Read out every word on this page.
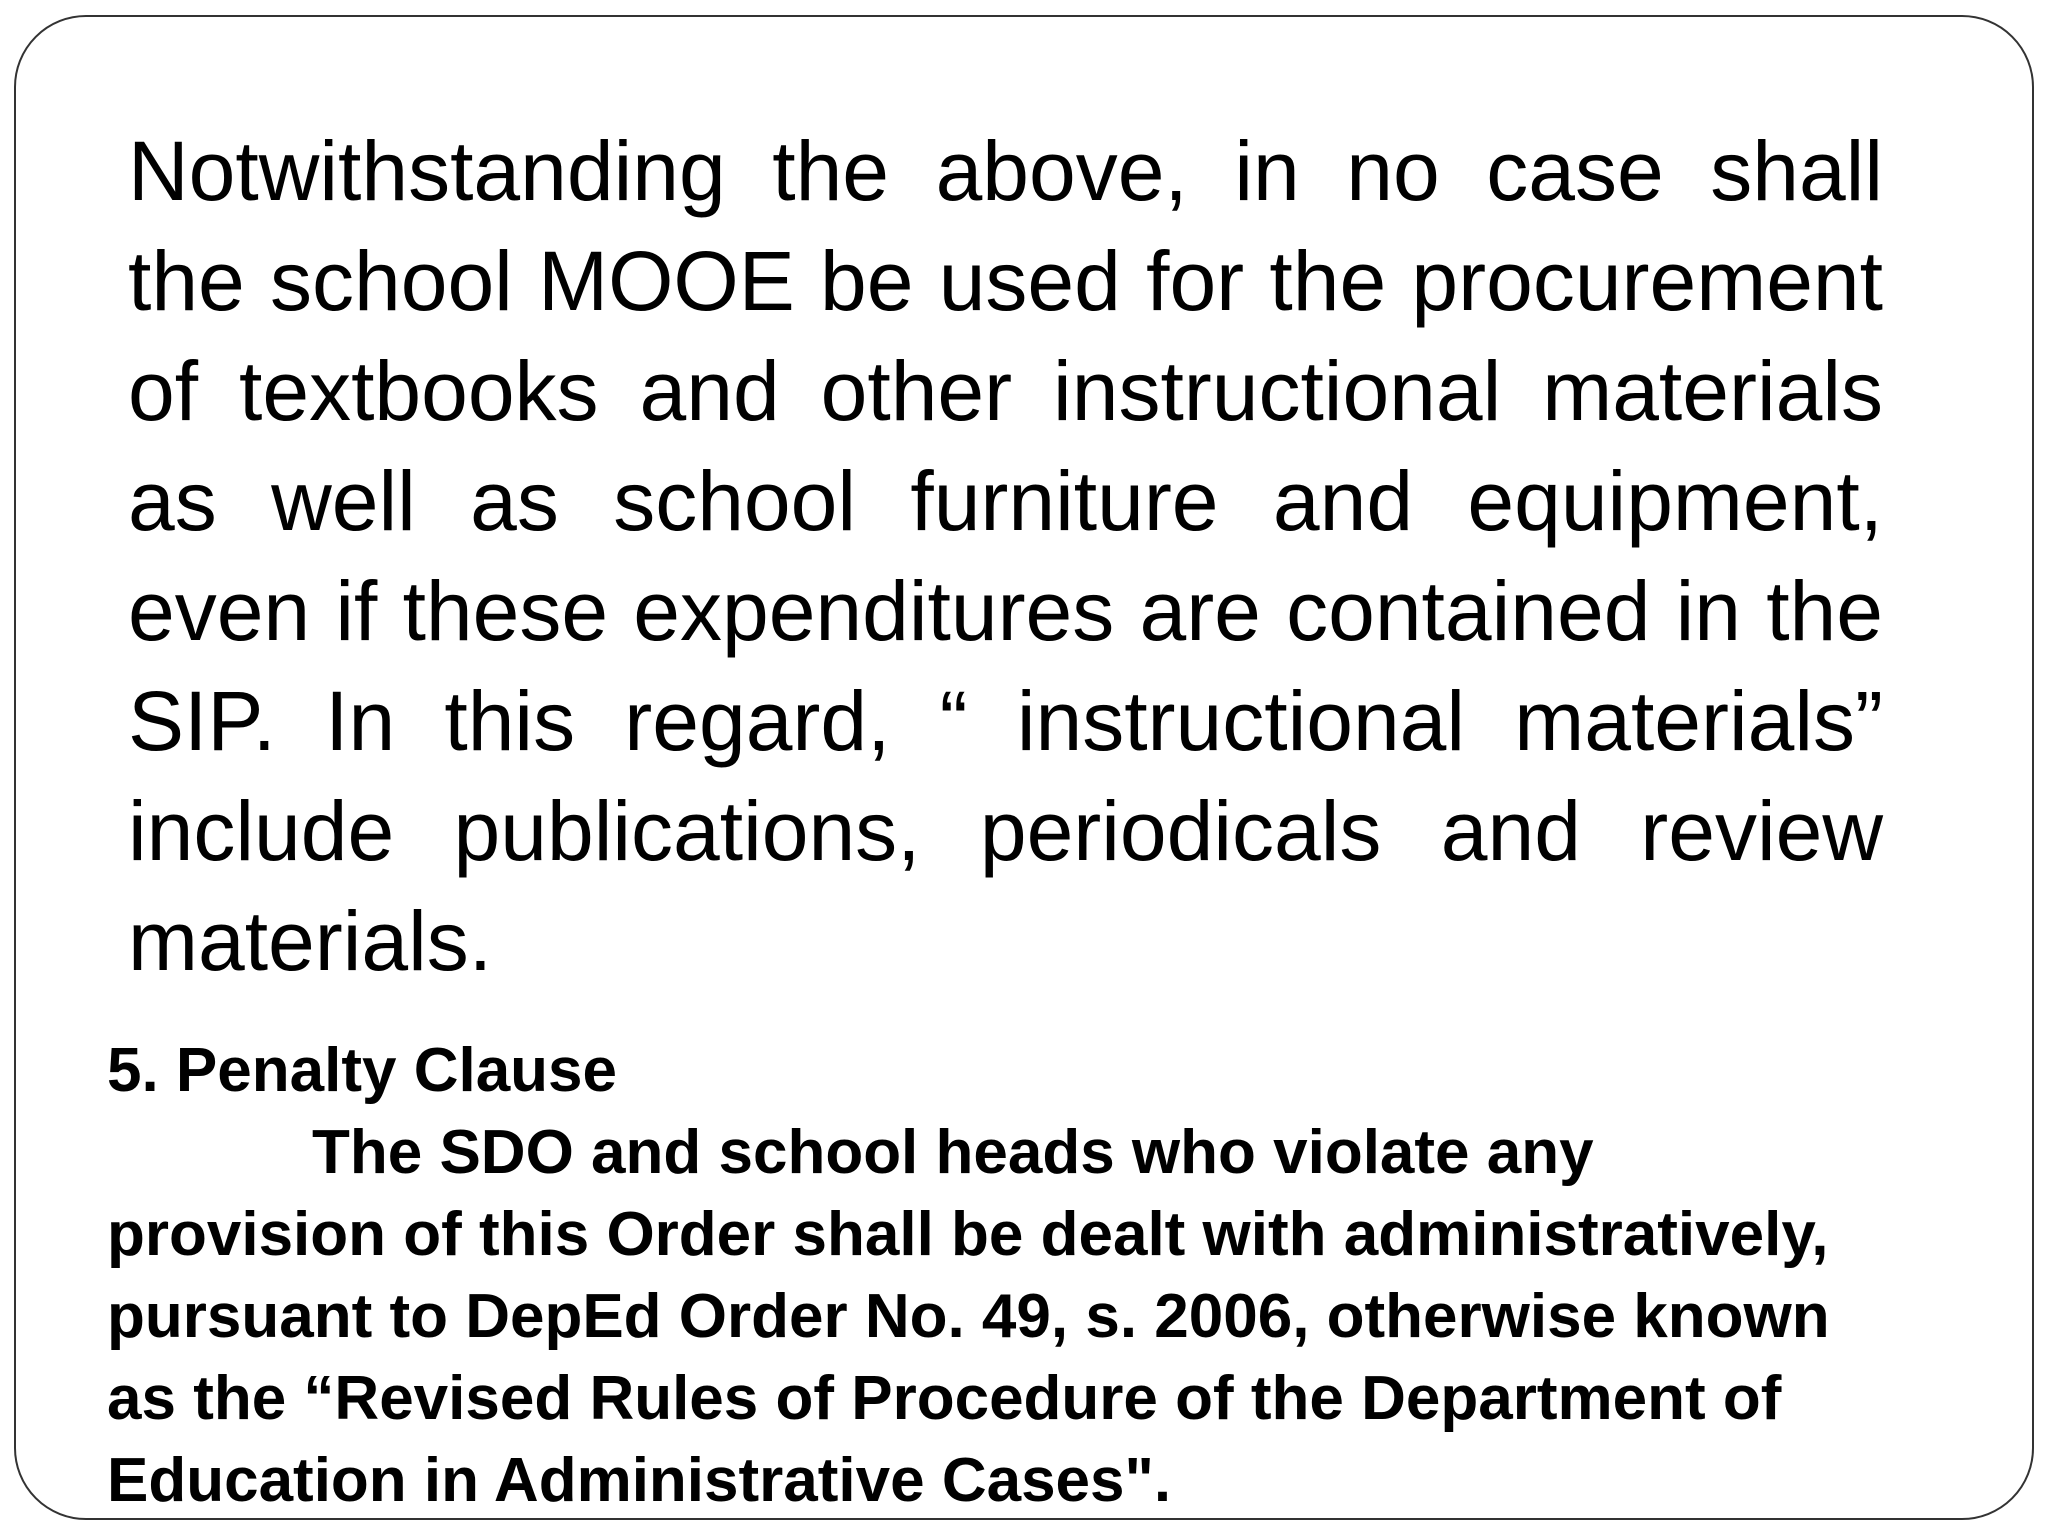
Notwithstanding the above, in no case shall the school MOOE be used for the procurement of textbooks and other instructional materials as well as school furniture and equipment, even if these expenditures are contained in the SIP. In this regard, “ instructional materials” include publications, periodicals and review materials.

5. Penalty Clause
The SDO and school heads who violate any provision of this Order shall be dealt with administratively, pursuant to DepEd Order No. 49, s. 2006, otherwise known as the “Revised Rules of Procedure of the Department of Education in Administrative Cases".
